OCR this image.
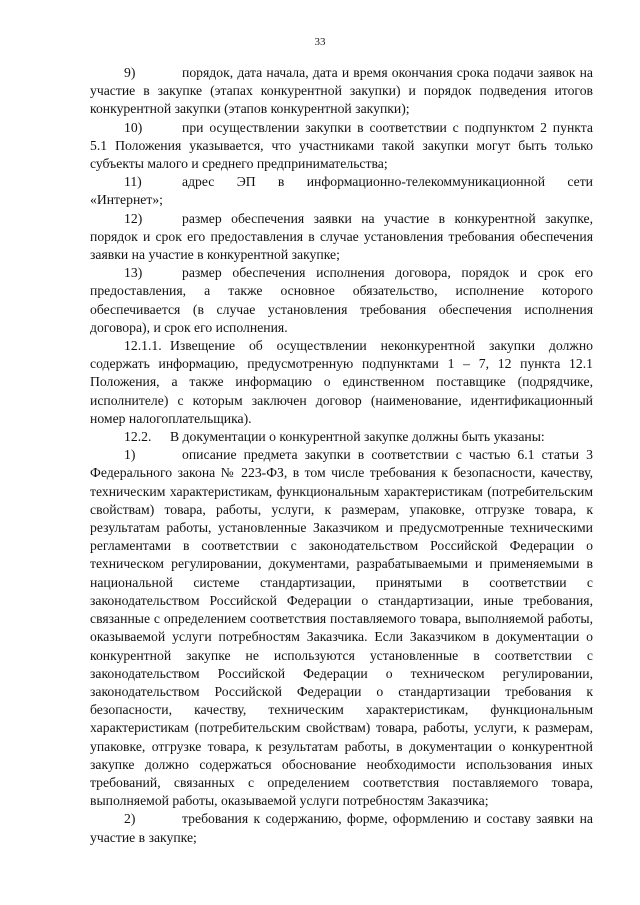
33

9)	порядок, дата начала, дата и время окончания срока подачи заявок на участие в закупке (этапах конкурентной закупки) и порядок подведения итогов конкурентной закупки (этапов конкурентной закупки);

10)	при осуществлении закупки в соответствии с подпунктом 2 пункта 5.1 Положения указывается, что участниками такой закупки могут быть только субъекты малого и среднего предпринимательства;

11)	адрес ЭП в информационно-телекоммуникационной сети «Интернет»;

12)	размер обеспечения заявки на участие в конкурентной закупке, порядок и срок его предоставления в случае установления требования обеспечения заявки на участие в конкурентной закупке;

13)	размер обеспечения исполнения договора, порядок и срок его предоставления, а также основное обязательство, исполнение которого обеспечивается (в случае установления требования обеспечения исполнения договора), и срок его исполнения.

12.1.1. Извещение об осуществлении неконкурентной закупки должно содержать информацию, предусмотренную подпунктами 1 – 7, 12 пункта 12.1 Положения, а также информацию о единственном поставщике (подрядчике, исполнителе) с которым заключен договор (наименование, идентификационный номер налогоплательщика).

12.2. В документации о конкурентной закупке должны быть указаны:

1)	описание предмета закупки в соответствии с частью 6.1 статьи 3 Федерального закона № 223-ФЗ, в том числе требования к безопасности, качеству, техническим характеристикам, функциональным характеристикам (потребительским свойствам) товара, работы, услуги, к размерам, упаковке, отгрузке товара, к результатам работы, установленные Заказчиком и предусмотренные техническими регламентами в соответствии с законодательством Российской Федерации о техническом регулировании, документами, разрабатываемыми и применяемыми в национальной системе стандартизации, принятыми в соответствии с законодательством Российской Федерации о стандартизации, иные требования, связанные с определением соответствия поставляемого товара, выполняемой работы, оказываемой услуги потребностям Заказчика. Если Заказчиком в документации о конкурентной закупке не используются установленные в соответствии с законодательством Российской Федерации о техническом регулировании, законодательством Российской Федерации о стандартизации требования к безопасности, качеству, техническим характеристикам, функциональным характеристикам (потребительским свойствам) товара, работы, услуги, к размерам, упаковке, отгрузке товара, к результатам работы, в документации о конкурентной закупке должно содержаться обоснование необходимости использования иных требований, связанных с определением соответствия поставляемого товара, выполняемой работы, оказываемой услуги потребностям Заказчика;

2)	требования к содержанию, форме, оформлению и составу заявки на участие в закупке;
